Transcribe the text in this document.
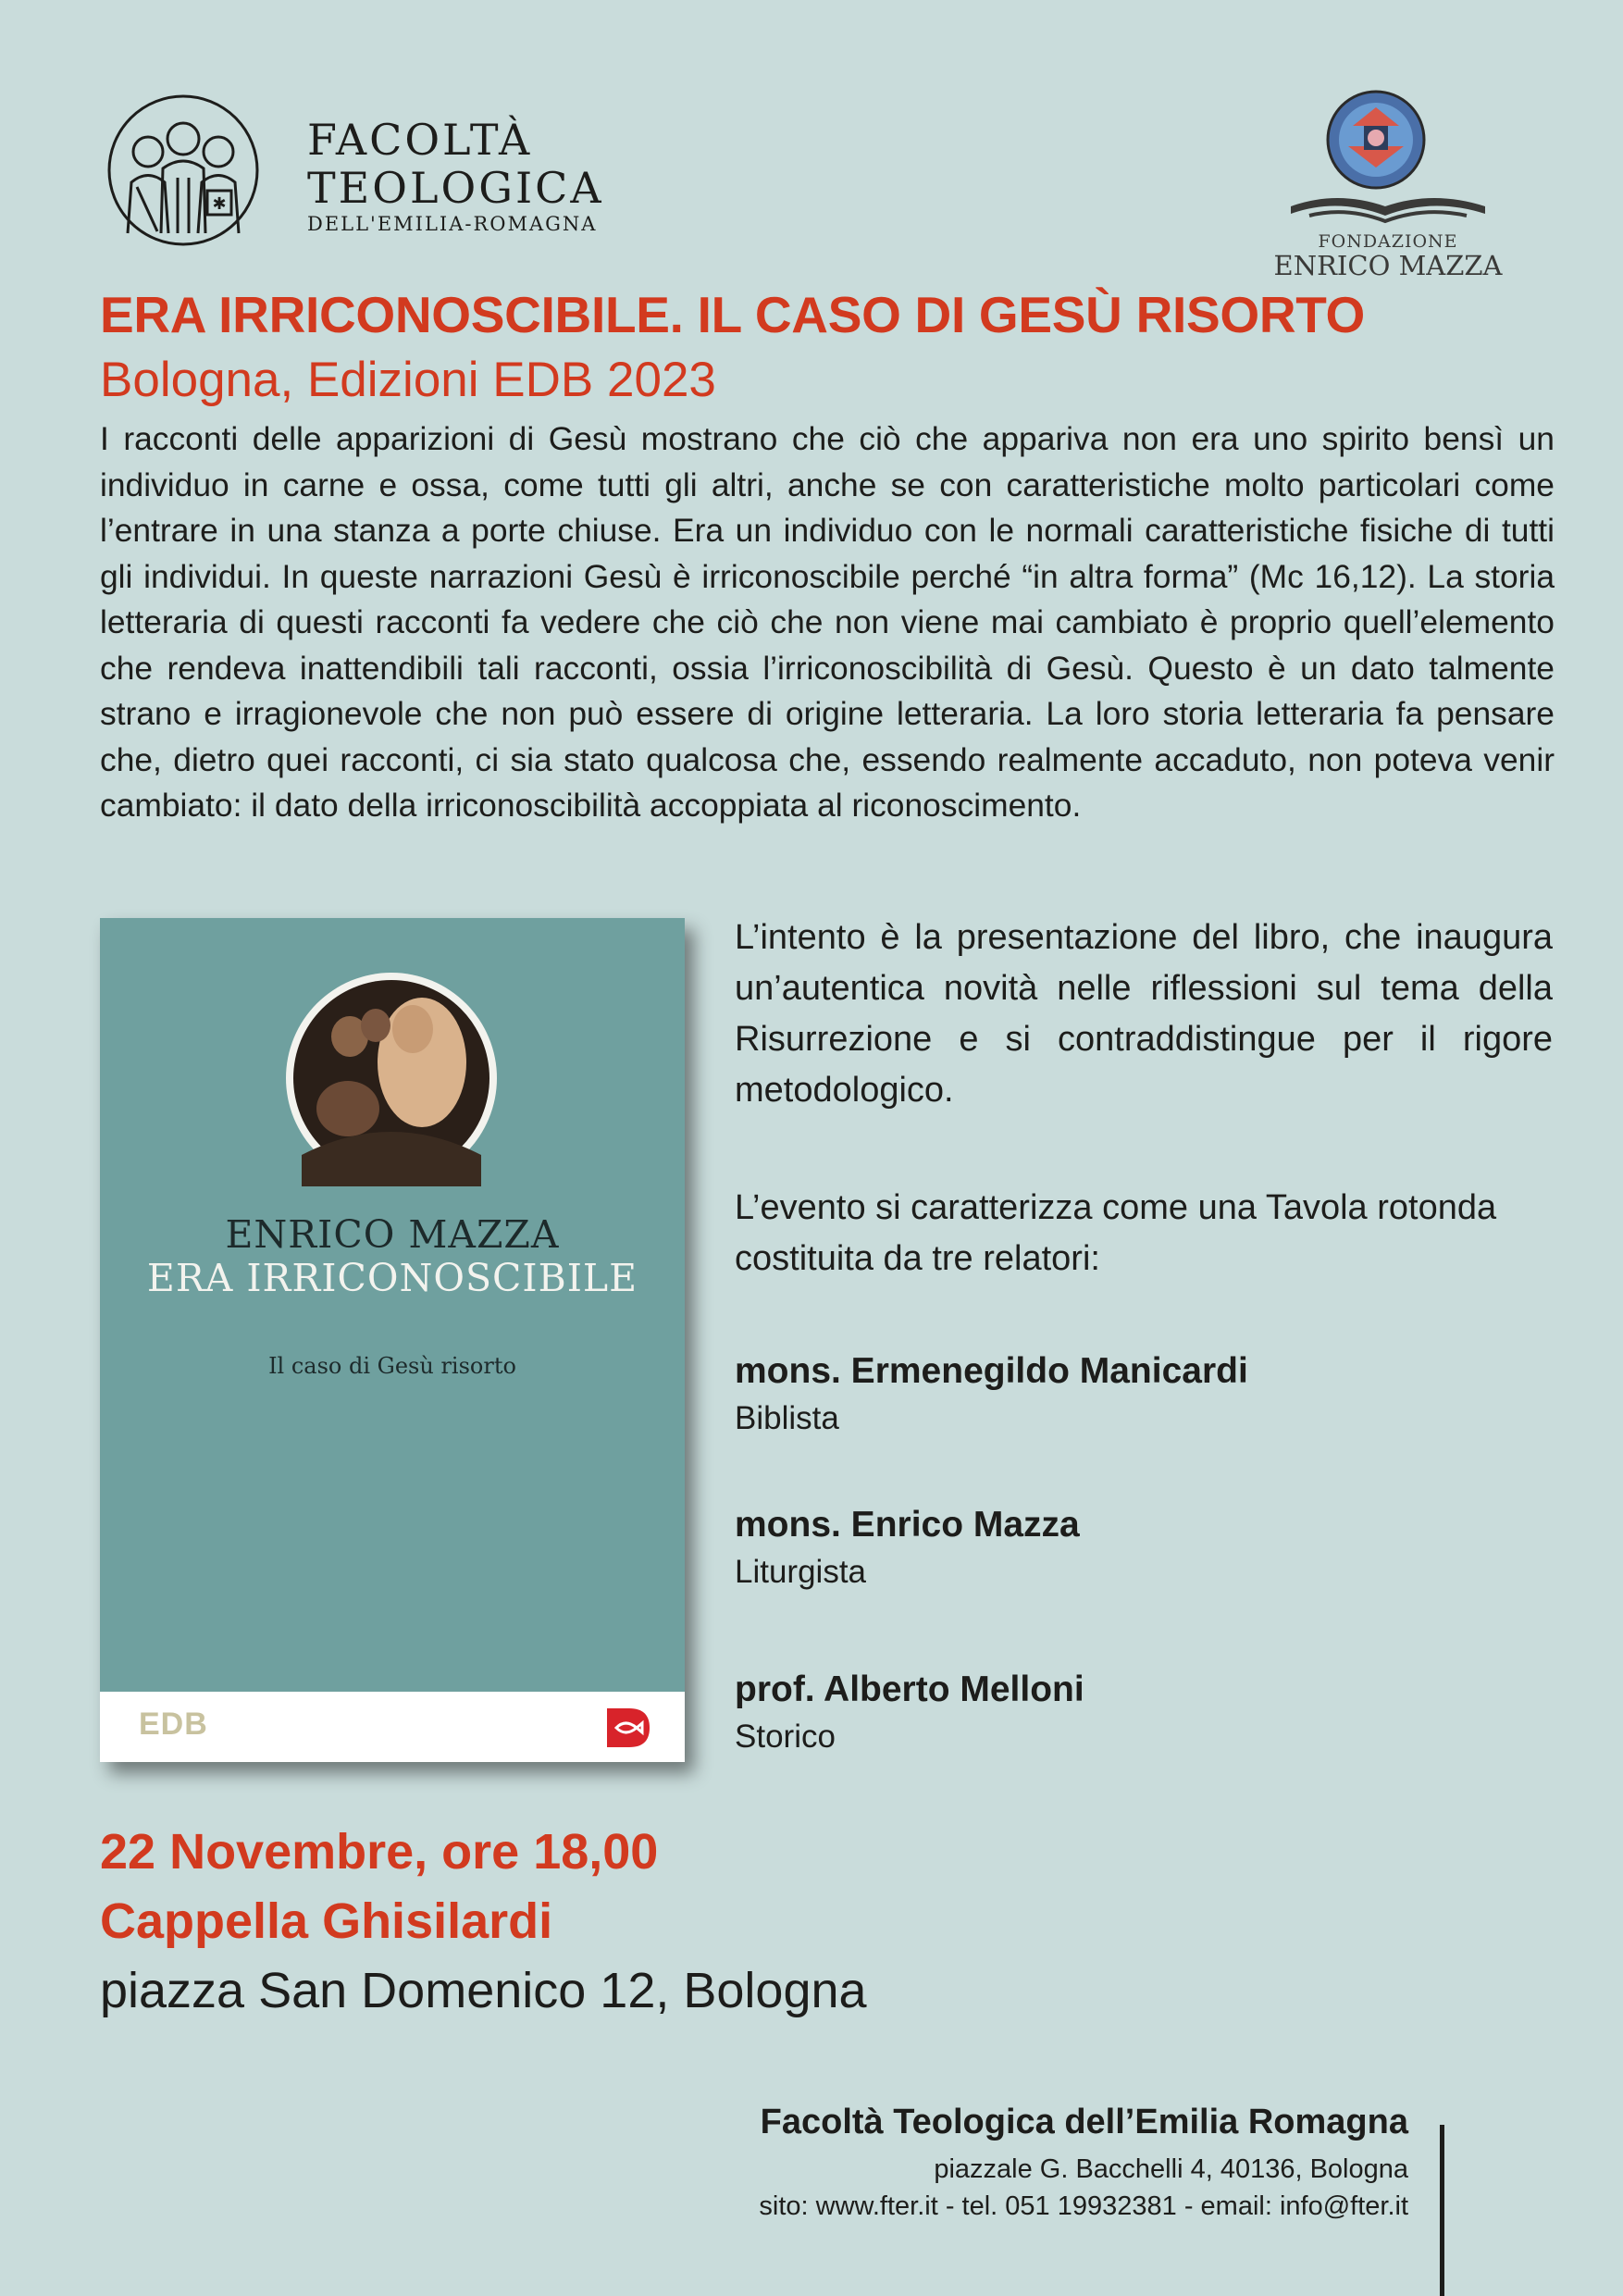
✱
FACOLTÀ
TEOLOGICA
DELL'EMILIA-ROMAGNA
FONDAZIONE
ENRICO MAZZA
ERA IRRICONOSCIBILE. IL CASO DI GESÙ RISORTO
Bologna, Edizioni EDB 2023
I racconti delle apparizioni di Gesù mostrano che ciò che appariva non era uno spirito bensì un individuo in carne e ossa, come tutti gli altri, anche se con caratteristiche molto particolari come l’entrare in una stanza a porte chiuse. Era un individuo con le normali caratteristiche fisiche di tutti gli individui. In queste narrazioni Gesù è irriconoscibile perché “in altra forma” (Mc 16,12). La storia letteraria di questi racconti fa vedere che ciò che non viene mai cambiato è proprio quell’elemento che rendeva inattendibili tali racconti, ossia l’irriconoscibilità di Gesù. Questo è un dato talmente strano e irragionevole che non può essere di origine letteraria. La loro storia letteraria fa pensare che, dietro quei racconti, ci sia stato qualcosa che, essendo realmente accaduto, non poteva venir cambiato: il dato della irriconoscibilità accoppiata al riconoscimento.
ENRICO MAZZA
ERA IRRICONOSCIBILE
Il caso di Gesù risorto
EDB

L’intento è la presentazione del libro, che inaugura un’autentica novità nelle riflessioni sul tema della Risurrezione e si contraddistingue per il rigore metodologico.

L’evento si caratterizza come una Tavola rotonda costituita da tre relatori:

mons. Ermenegildo Manicardi
Biblista
mons. Enrico Mazza
Liturgista
prof. Alberto Melloni
Storico
22 Novembre, ore 18,00
Cappella Ghisilardi
piazza San Domenico 12, Bologna
Facoltà Teologica dell’Emilia Romagna
piazzale G. Bacchelli 4, 40136, Bologna
sito: www.fter.it - tel. 051 19932381 - email: info@fter.it
